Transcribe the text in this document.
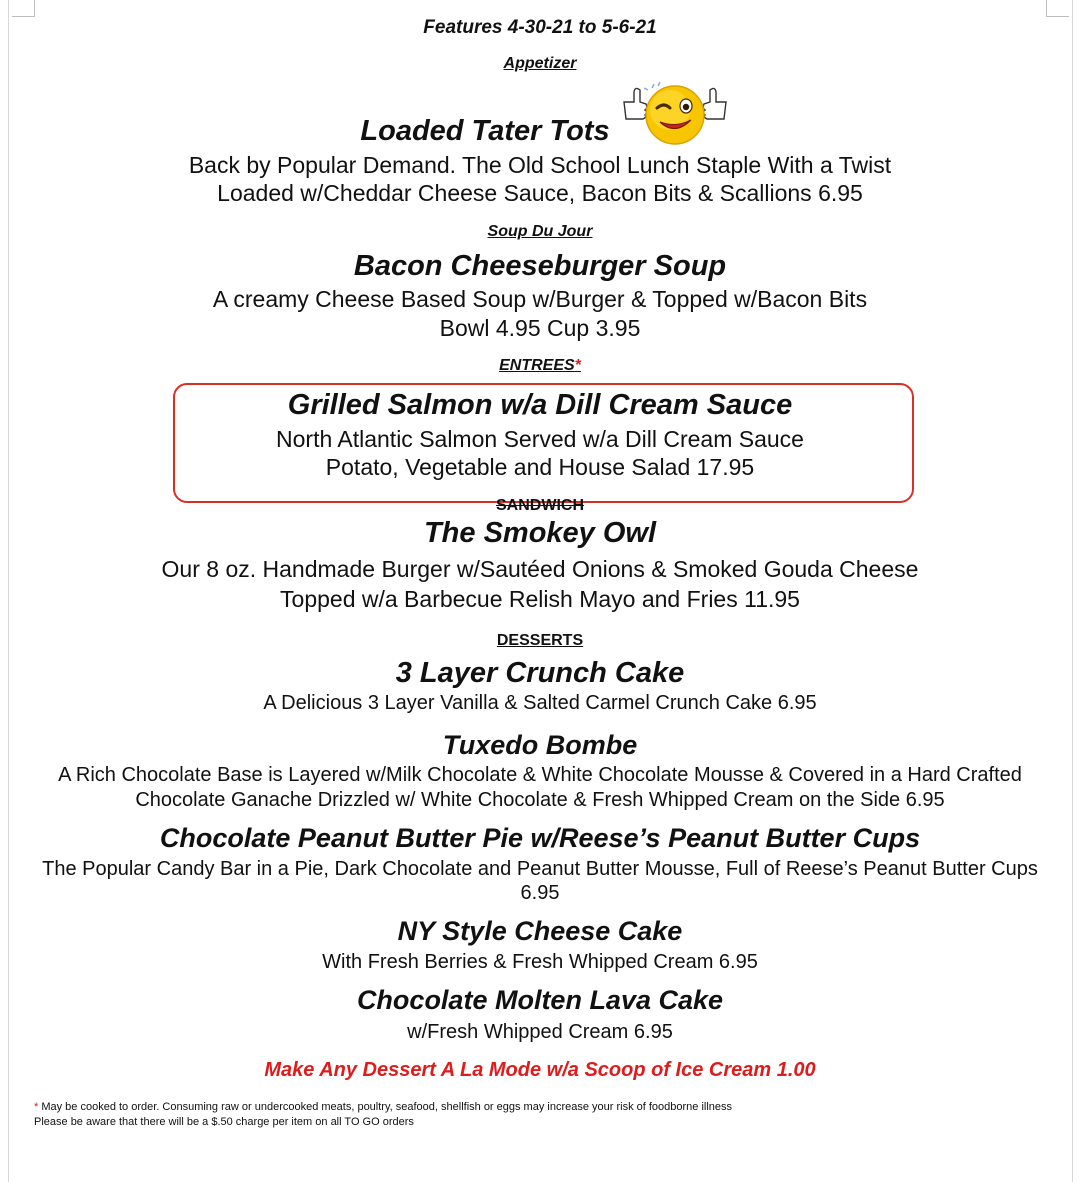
Features 4-30-21 to 5-6-21
Appetizer
Loaded Tater Tots
Back by Popular Demand. The Old School Lunch Staple With a Twist
Loaded w/Cheddar Cheese Sauce, Bacon Bits & Scallions 6.95
Soup Du Jour
Bacon Cheeseburger Soup
A creamy Cheese Based Soup w/Burger & Topped w/Bacon Bits
Bowl 4.95 Cup 3.95
ENTREES*
Grilled Salmon w/a Dill Cream Sauce
North Atlantic Salmon Served w/a Dill Cream Sauce
Potato, Vegetable and House Salad 17.95
SANDWICH
The Smokey Owl
Our 8 oz. Handmade Burger w/Sautéed Onions & Smoked Gouda Cheese
Topped w/a Barbecue Relish Mayo and Fries 11.95
DESSERTS
3 Layer Crunch Cake
A Delicious 3 Layer Vanilla & Salted Carmel Crunch Cake 6.95
Tuxedo Bombe
A Rich Chocolate Base is Layered w/Milk Chocolate & White Chocolate Mousse & Covered in a Hard Crafted
Chocolate Ganache Drizzled w/ White Chocolate & Fresh Whipped Cream on the Side 6.95
Chocolate Peanut Butter Pie w/Reese’s Peanut Butter Cups
The Popular Candy Bar in a Pie, Dark Chocolate and Peanut Butter Mousse, Full of Reese’s Peanut Butter Cups
6.95
NY Style Cheese Cake
With Fresh Berries & Fresh Whipped Cream 6.95
Chocolate Molten Lava Cake
w/Fresh Whipped Cream 6.95
Make Any Dessert A La Mode w/a Scoop of Ice Cream 1.00
* May be cooked to order. Consuming raw or undercooked meats, poultry, seafood, shellfish or eggs may increase your risk of foodborne illness
Please be aware that there will be a $.50 charge per item on all TO GO orders
